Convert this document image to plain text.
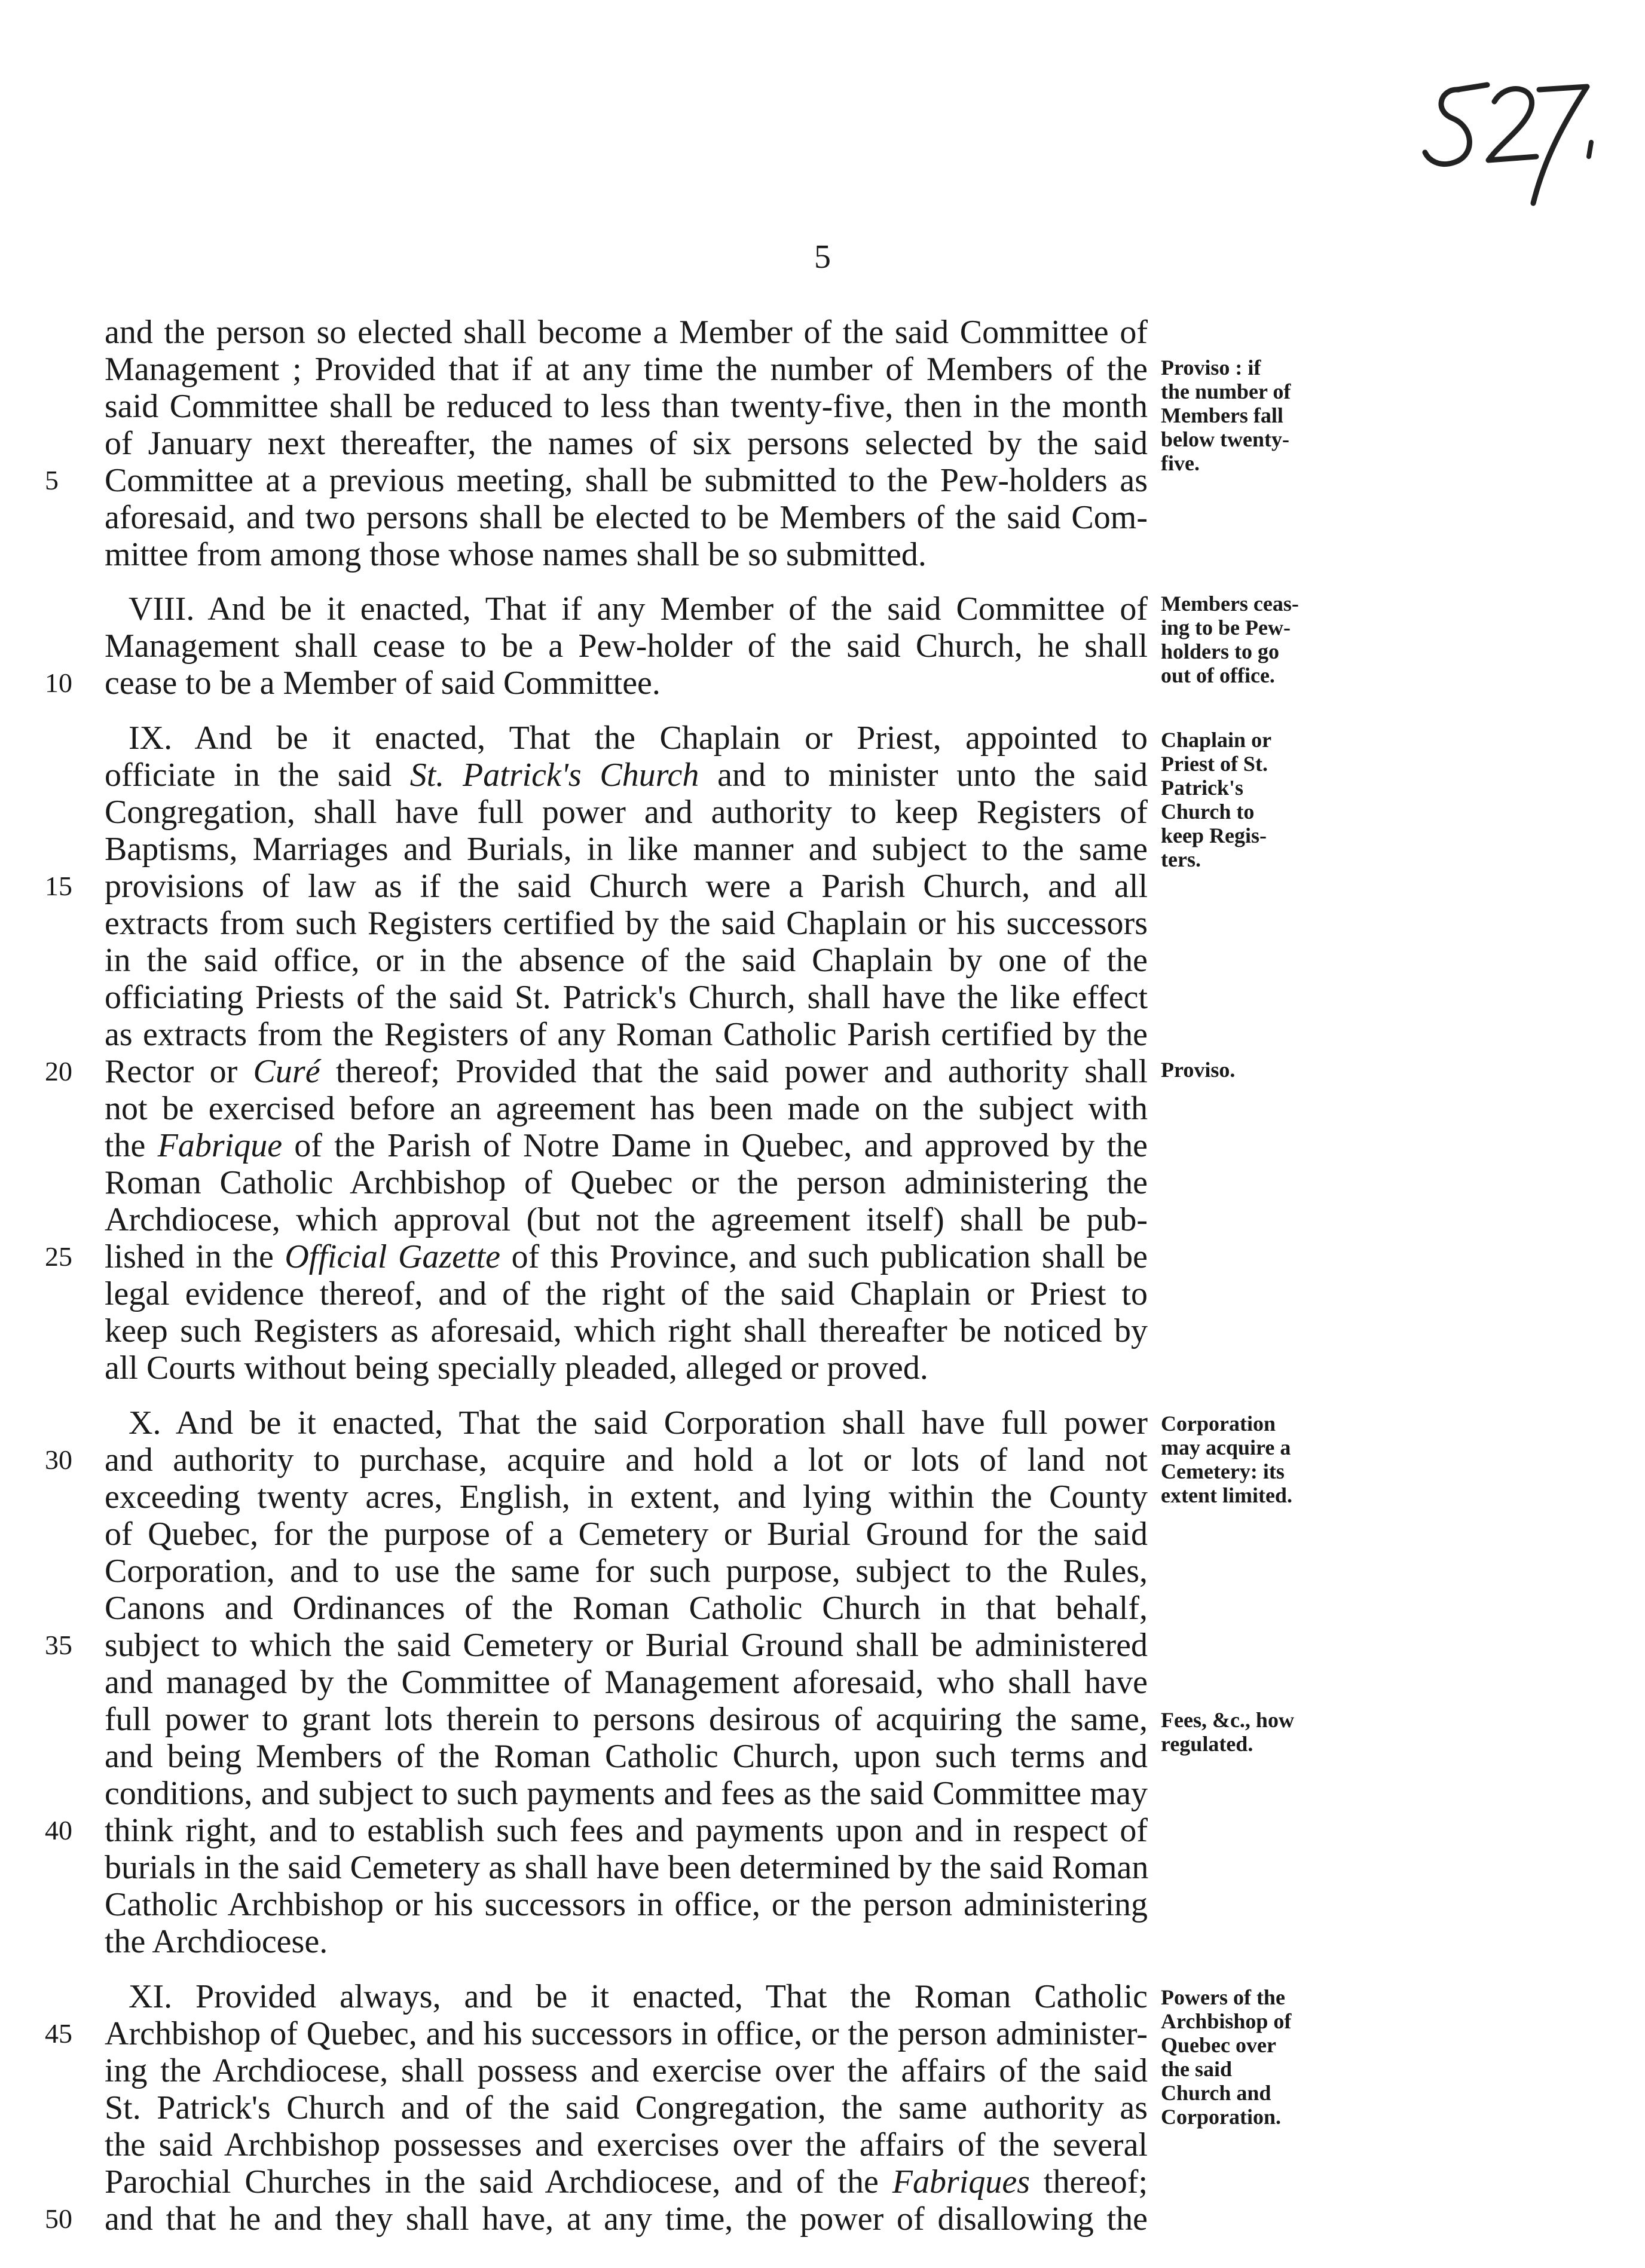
5
and the person so elected shall become a Member of the said Committee of
Management ; Provided that if at any time the number of Members of the
said Committee shall be reduced to less than twenty-five, then in the month
of January next thereafter, the names of six persons selected by the said
5	Committee at a previous meeting, shall be submitted to the Pew-holders as
aforesaid, and two persons shall be elected to be Members of the said Com-
mittee from among those whose names shall be so submitted.
VIII. And be it enacted, That if any Member of the said Committee of
Management shall cease to be a Pew-holder of the said Church, he shall
10 cease to be a Member of said Committee.
IX. And be it enacted, That the Chaplain or Priest, appointed to
officiate in the said St. Patrick's Church and to minister unto the said
Congregation, shall have full power and authority to keep Registers of
Baptisms, Marriages and Burials, in like manner and subject to the same
15 provisions of law as if the said Church were a Parish Church, and all
extracts from such Registers certified by the said Chaplain or his successors
in the said office, or in the absence of the said Chaplain by one of the
officiating Priests of the said St. Patrick's Church, shall have the like effect
as extracts from the Registers of any Roman Catholic Parish certified by the
20 Rector or Curé thereof; Provided that the said power and authority shall
not be exercised before an agreement has been made on the subject with
the Fabrique of the Parish of Notre Dame in Quebec, and approved by the
Roman Catholic Archbishop of Quebec or the person administering the
Archdiocese, which approval (but not the agreement itself) shall be pub-
25 lished in the Official Gazette of this Province, and such publication shall be
legal evidence thereof, and of the right of the said Chaplain or Priest to
keep such Registers as aforesaid, which right shall thereafter be noticed by
all Courts without being specially pleaded, alleged or proved.
X. And be it enacted, That the said Corporation shall have full power
30 and authority to purchase, acquire and hold a lot or lots of land not
exceeding twenty acres, English, in extent, and lying within the County
of Quebec, for the purpose of a Cemetery or Burial Ground for the said
Corporation, and to use the same for such purpose, subject to the Rules,
Canons and Ordinances of the Roman Catholic Church in that behalf,
35 subject to which the said Cemetery or Burial Ground shall be administered
and managed by the Committee of Management aforesaid, who shall have
full power to grant lots therein to persons desirous of acquiring the same,
and being Members of the Roman Catholic Church, upon such terms and
conditions, and subject to such payments and fees as the said Committee may
40 think right, and to establish such fees and payments upon and in respect of
burials in the said Cemetery as shall have been determined by the said Roman
Catholic Archbishop or his successors in office, or the person administering
the Archdiocese.
XI. Provided always, and be it enacted, That the Roman Catholic
45 Archbishop of Quebec, and his successors in office, or the person administer-
ing the Archdiocese, shall possess and exercise over the affairs of the said
St. Patrick's Church and of the said Congregation, the same authority as
the said Archbishop possesses and exercises over the affairs of the several
Parochial Churches in the said Archdiocese, and of the Fabriques thereof;
50 and that he and they shall have, at any time, the power of disallowing the
Proviso : if
the number of
Members fall
below twenty-
five.
Members ceas-
ing to be Pew-
holders to go
out of office.
Chaplain or
Priest of St.
Patrick's
Church to
keep Regis-
ters.
Proviso.
Corporation
may acquire a
Cemetery: its
extent limited.
Fees, &c., how
regulated.
Powers of the
Archbishop of
Quebec over
the said
Church and
Corporation.
